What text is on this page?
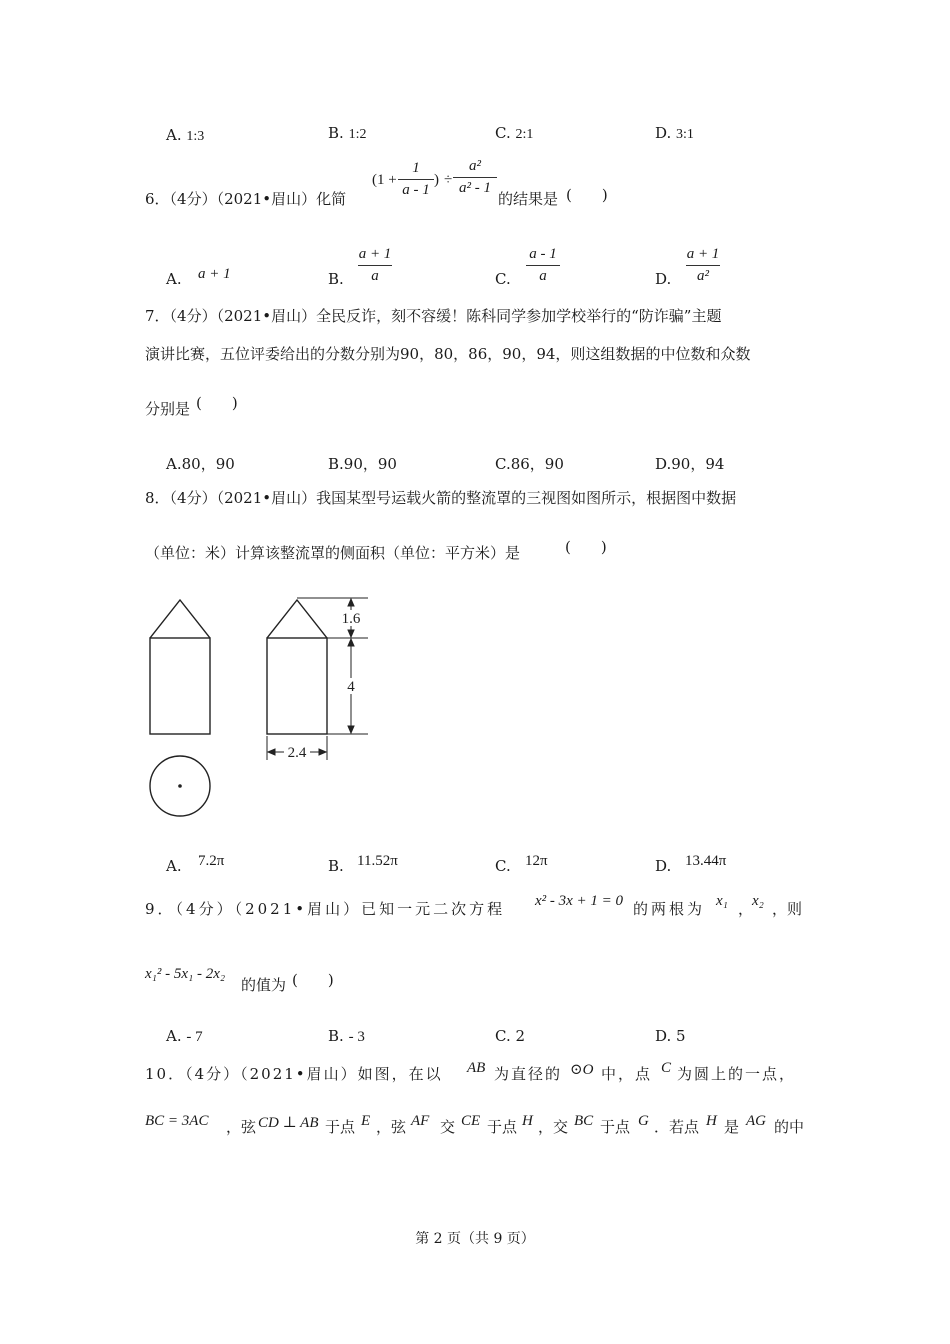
A. 1:3	B. 1:2	C. 2:1	D. 3:1
6．（4分）（2021•眉山）化简
(1 +
1
a - 1
) ÷
a²
a² - 1
的结果是 (　　)
A. a + 1	B.
a + 1
a	C.
a - 1
a	D.
a + 1
a²
7．（4分）（2021•眉山）全民反诈，刻不容缓！陈科同学参加学校举行的“防诈骗”主题
演讲比赛，五位评委给出的分数分别为90，80，86，90，94，则这组数据的中位数和众数
分别是 (　　)
A.80，90	B.90，90	C.86，90	D.90，94
8．（4分）（2021•眉山）我国某型号运载火箭的整流罩的三视图如图所示，根据图中数据
（单位：米）计算该整流罩的侧面积（单位：平方米）是	(　　)
1.6
4
2.4
A. 7.2π	B. 11.52π	C. 12π	D. 13.44π
9．（4分）（2021•眉山）已知一元二次方程 x² - 3x + 1 = 0 的两根为 x₁ ，
x₂ ，则
x₁² - 5x₁ - 2x₂
的值为 (　　)
A. - 7	B. - 3	C. 2	D. 5
10．（4分）（2021•眉山）如图，在以 AB 为直径的 ⊙O 中，点 C 为圆上的一点，
BC = 3AC ，弦 CD ⊥ AB 于点 E ，弦 AF 交 CE 于点 H ，交 BC 于点 G ．若点 H 是 AG 的中
第 2 页（共 9 页）
